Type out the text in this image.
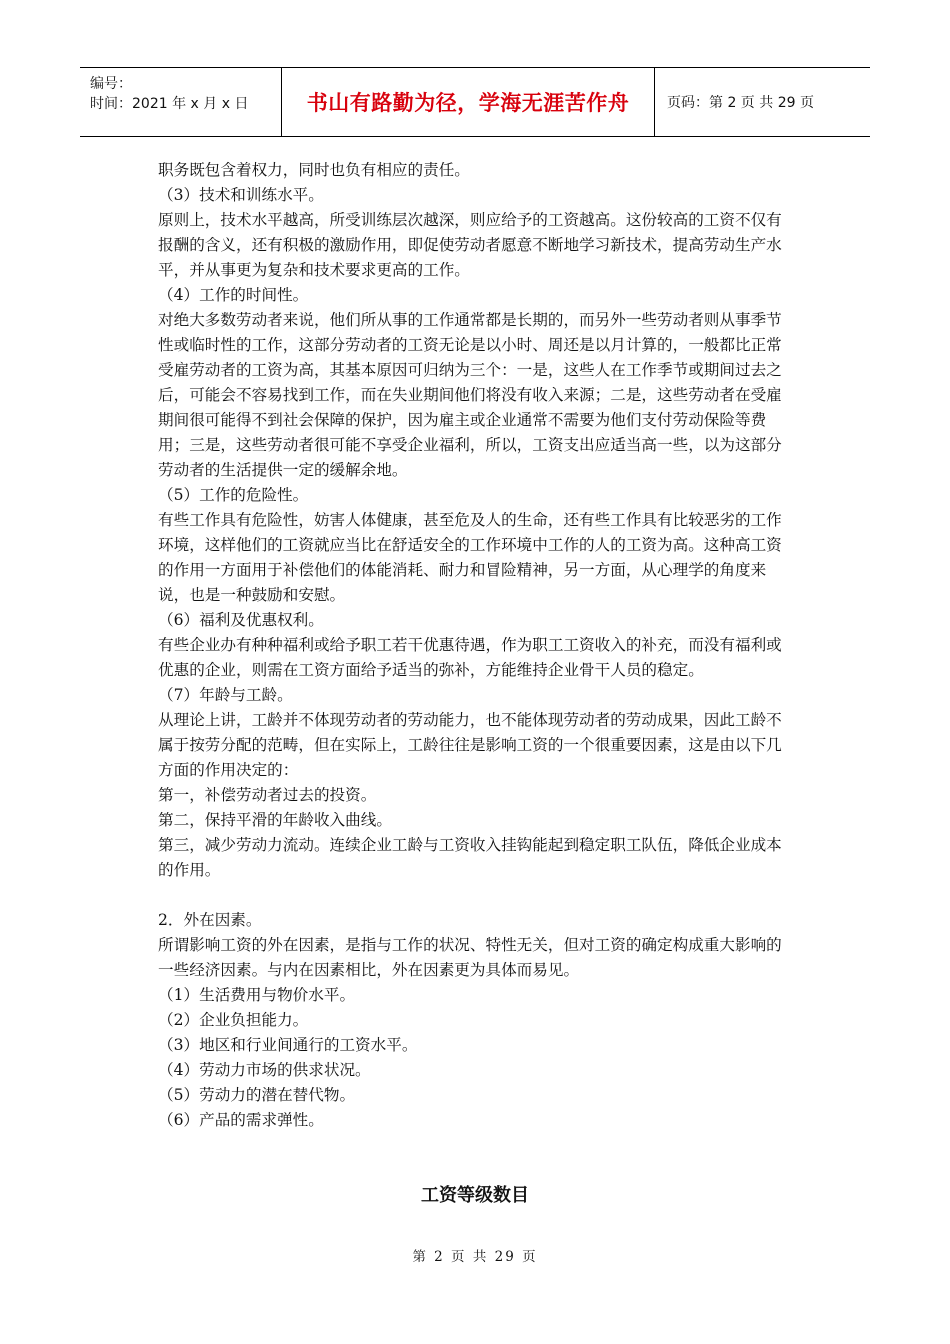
编号：
时间：2021 年 x 月 x 日	书山有路勤为径，学海无涯苦作舟	页码：第 2 页 共 29 页

职务既包含着权力，同时也负有相应的责任。

（3）技术和训练水平。

原则上，技术水平越高，所受训练层次越深，则应给予的工资越高。这份较高的工资不仅有报酬的含义，还有积极的激励作用，即促使劳动者愿意不断地学习新技术，提高劳动生产水平，并从事更为复杂和技术要求更高的工作。

（4）工作的时间性。

对绝大多数劳动者来说，他们所从事的工作通常都是长期的，而另外一些劳动者则从事季节性或临时性的工作，这部分劳动者的工资无论是以小时、周还是以月计算的，一般都比正常受雇劳动者的工资为高，其基本原因可归纳为三个：一是，这些人在工作季节或期间过去之后，可能会不容易找到工作，而在失业期间他们将没有收入来源；二是，这些劳动者在受雇期间很可能得不到社会保障的保护，因为雇主或企业通常不需要为他们支付劳动保险等费用；三是，这些劳动者很可能不享受企业福利，所以，工资支出应适当高一些，以为这部分劳动者的生活提供一定的缓解余地。

（5）工作的危险性。

有些工作具有危险性，妨害人体健康，甚至危及人的生命，还有些工作具有比较恶劣的工作环境，这样他们的工资就应当比在舒适安全的工作环境中工作的人的工资为高。这种高工资的作用一方面用于补偿他们的体能消耗、耐力和冒险精神，另一方面，从心理学的角度来说，也是一种鼓励和安慰。

（6）福利及优惠权利。

有些企业办有种种福利或给予职工若干优惠待遇，作为职工工资收入的补充，而没有福利或优惠的企业，则需在工资方面给予适当的弥补，方能维持企业骨干人员的稳定。

（7）年龄与工龄。

从理论上讲，工龄并不体现劳动者的劳动能力，也不能体现劳动者的劳动成果，因此工龄不属于按劳分配的范畴，但在实际上，工龄往往是影响工资的一个很重要因素，这是由以下几方面的作用决定的：

第一，补偿劳动者过去的投资。

第二，保持平滑的年龄收入曲线。

第三，减少劳动力流动。连续企业工龄与工资收入挂钩能起到稳定职工队伍，降低企业成本的作用。

2．外在因素。

所谓影响工资的外在因素，是指与工作的状况、特性无关，但对工资的确定构成重大影响的一些经济因素。与内在因素相比，外在因素更为具体而易见。

（1）生活费用与物价水平。

（2）企业负担能力。

（3）地区和行业间通行的工资水平。

（4）劳动力市场的供求状况。

（5）劳动力的潜在替代物。

（6）产品的需求弹性。

工资等级数目
第 2 页 共 29 页
